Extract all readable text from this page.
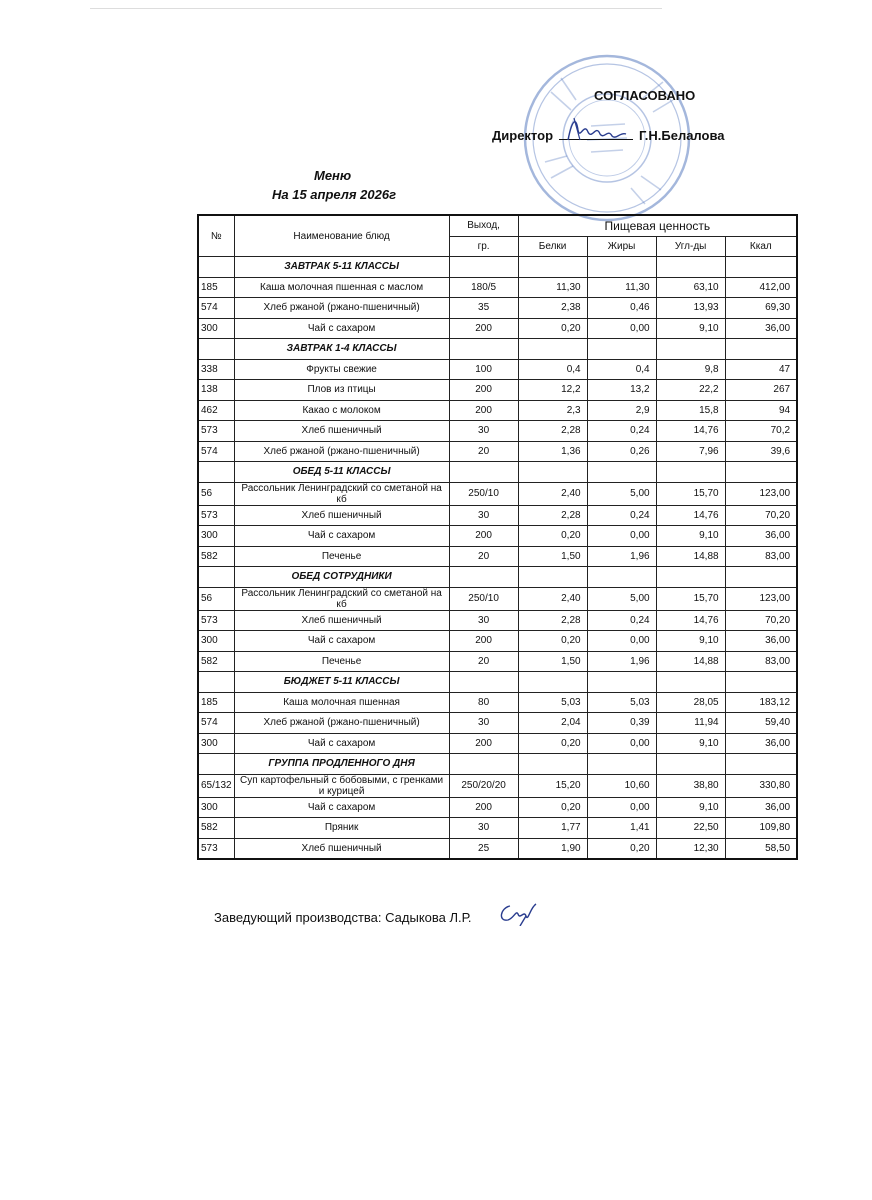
СОГЛАСОВАНО
Директор	Г.Н.Белалова
Меню
На 15 апреля 2026г
№	Наименование блюд	Выход,	Пищевая ценность			
		гр.	Белки	Жиры	Угл-ды	Ккал
	ЗАВТРАК 5-11 КЛАССЫ					
185	Каша молочная пшенная с маслом	180/5	11,30	11,30	63,10	412,00
574	Хлеб ржаной (ржано-пшеничный)	35	2,38	0,46	13,93	69,30
300	Чай с сахаром	200	0,20	0,00	9,10	36,00
	ЗАВТРАК 1-4 КЛАССЫ					
338	Фрукты свежие	100	0,4	0,4	9,8	47
138	Плов из птицы	200	12,2	13,2	22,2	267
462	Какао с молоком	200	2,3	2,9	15,8	94
573	Хлеб пшеничный	30	2,28	0,24	14,76	70,2
574	Хлеб ржаной (ржано-пшеничный)	20	1,36	0,26	7,96	39,6
	ОБЕД 5-11 КЛАССЫ					
56	Рассольник Ленинградский со сметаной на кб	250/10	2,40	5,00	15,70	123,00
573	Хлеб пшеничный	30	2,28	0,24	14,76	70,20
300	Чай с сахаром	200	0,20	0,00	9,10	36,00
582	Печенье	20	1,50	1,96	14,88	83,00
	ОБЕД СОТРУДНИКИ					
56	Рассольник Ленинградский со сметаной на кб	250/10	2,40	5,00	15,70	123,00
573	Хлеб пшеничный	30	2,28	0,24	14,76	70,20
300	Чай с сахаром	200	0,20	0,00	9,10	36,00
582	Печенье	20	1,50	1,96	14,88	83,00
	БЮДЖЕТ 5-11 КЛАССЫ					
185	Каша молочная пшенная	80	5,03	5,03	28,05	183,12
574	Хлеб ржаной (ржано-пшеничный)	30	2,04	0,39	11,94	59,40
300	Чай с сахаром	200	0,20	0,00	9,10	36,00
	ГРУППА ПРОДЛЕННОГО ДНЯ					
65/132	Суп картофельный с бобовыми, с гренками и курицей	250/20/20	15,20	10,60	38,80	330,80
300	Чай с сахаром	200	0,20	0,00	9,10	36,00
582	Пряник	30	1,77	1,41	22,50	109,80
573	Хлеб пшеничный	25	1,90	0,20	12,30	58,50
Заведующий производства: Садыкова Л.Р.
